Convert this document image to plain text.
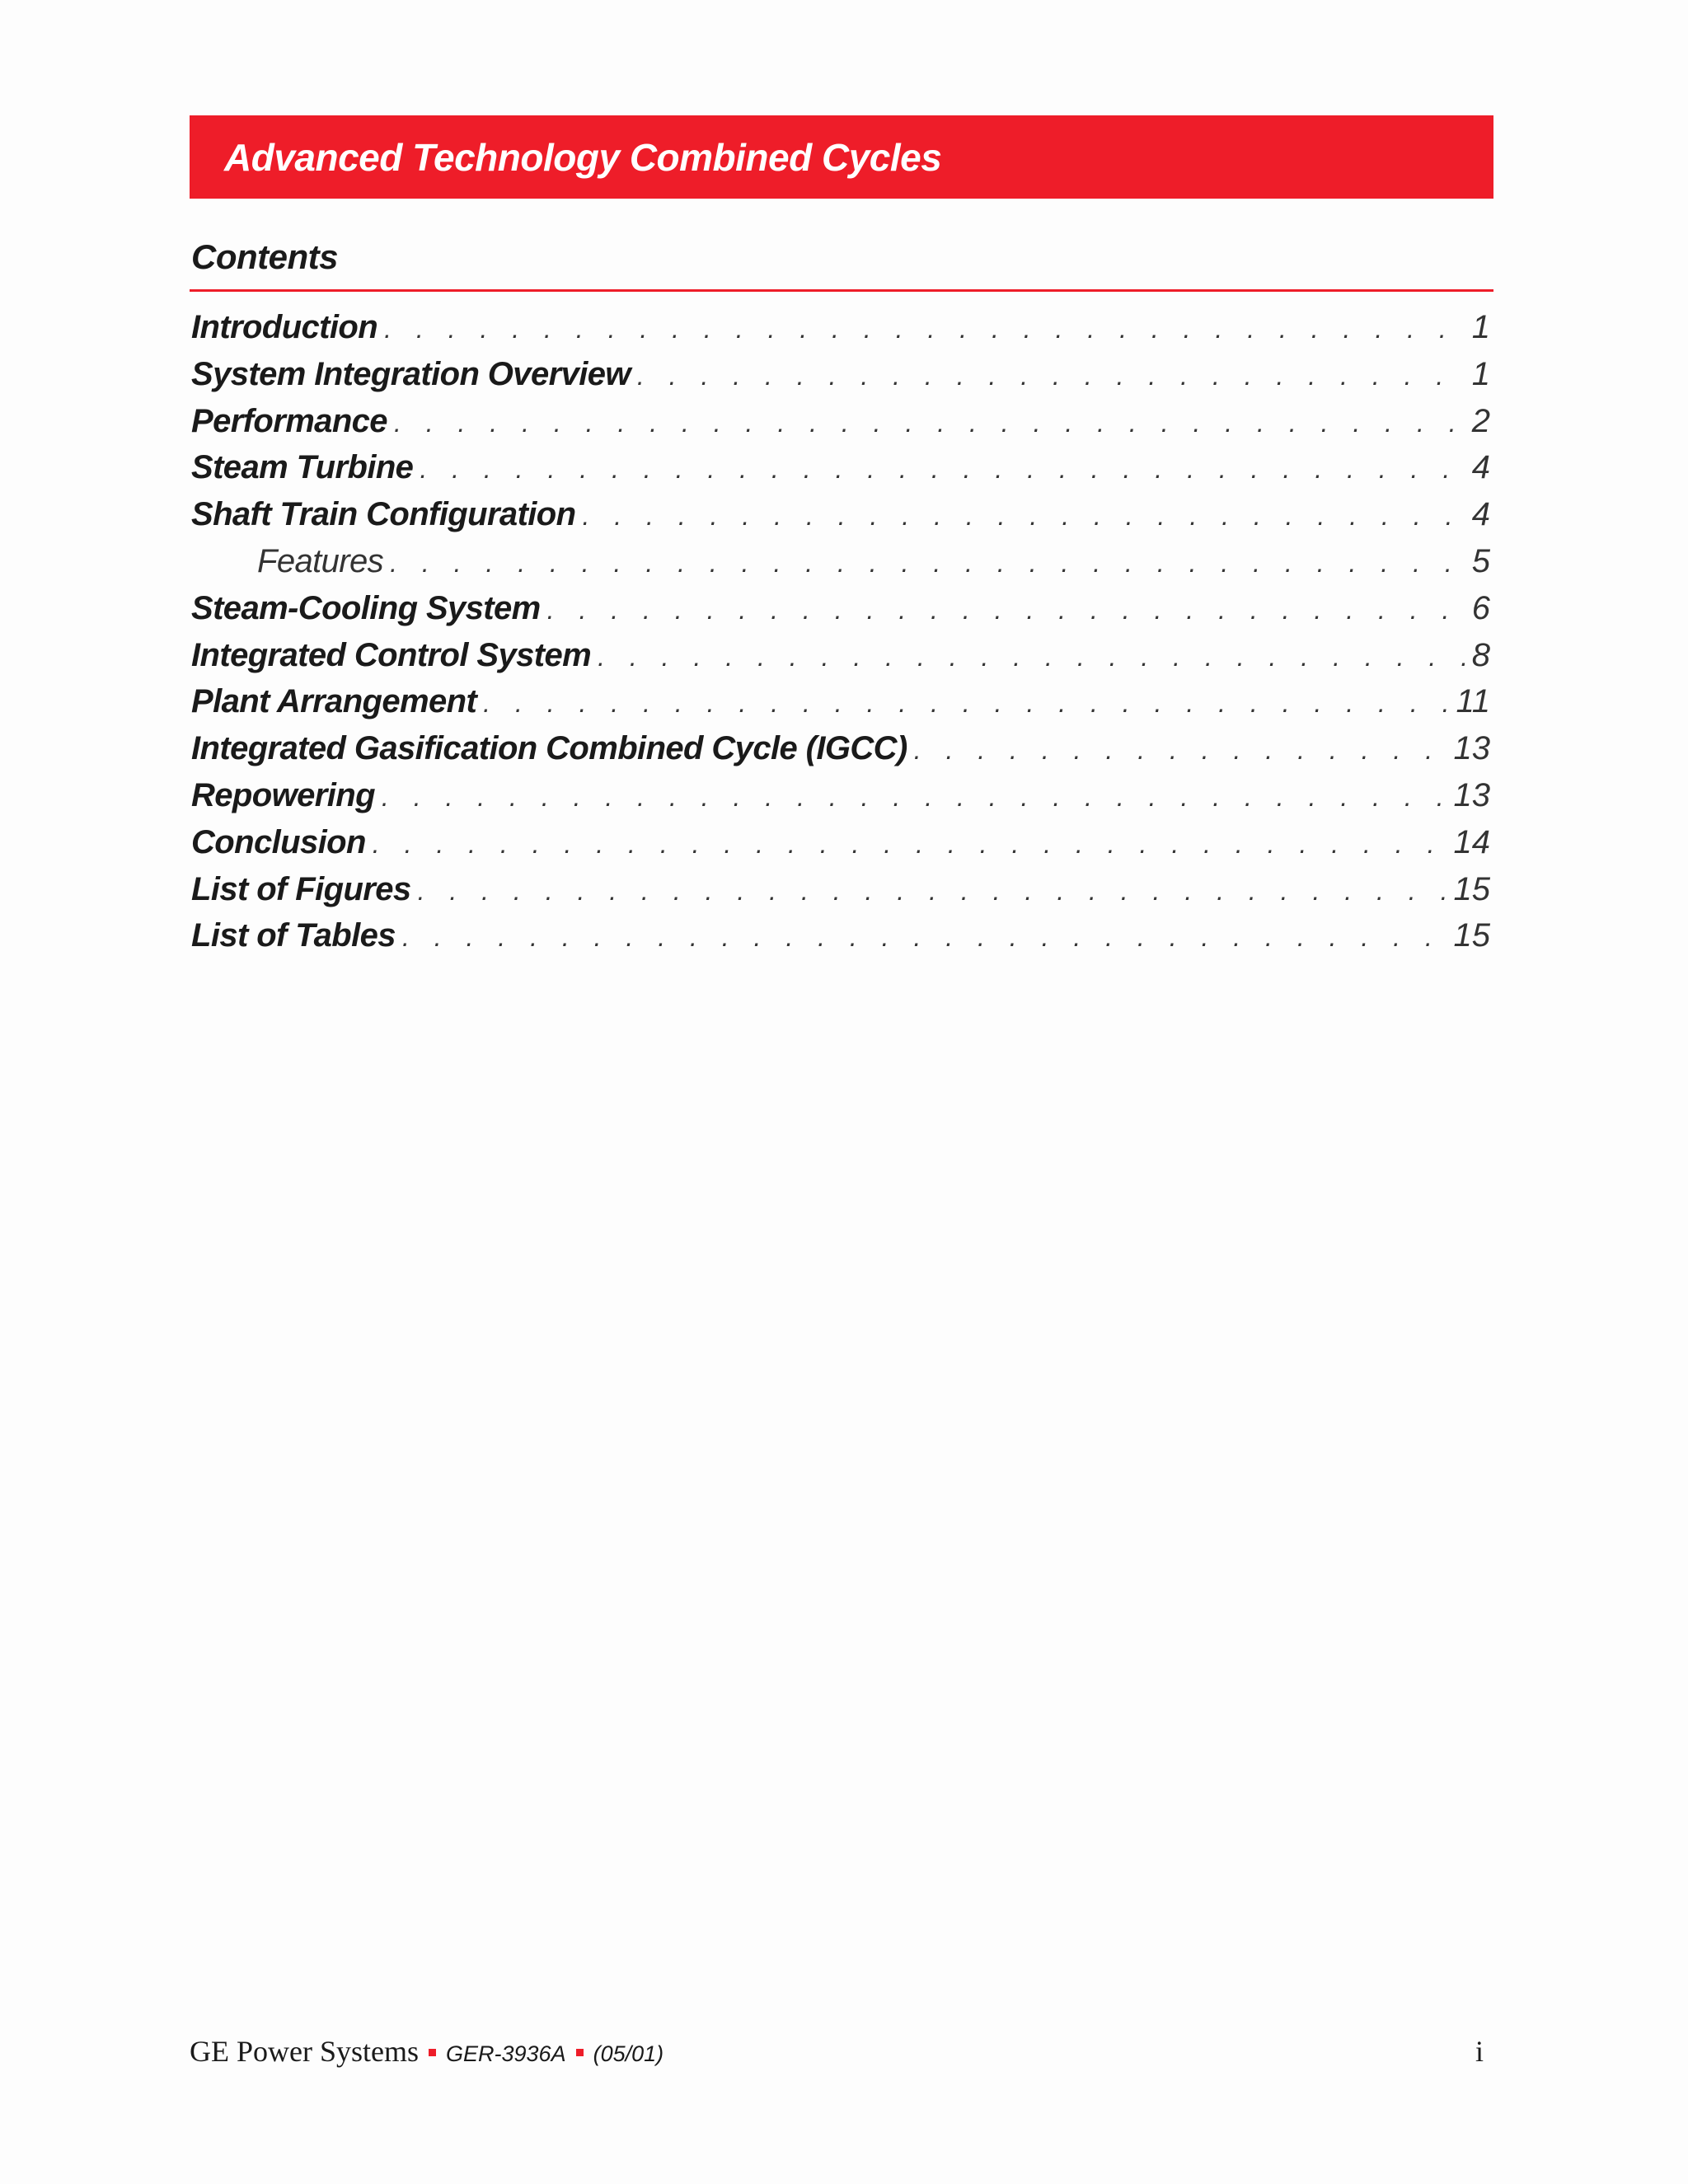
Advanced Technology Combined Cycles
Contents
Introduction . . .	1
System Integration Overview . . .	1
Performance . . .	2
Steam Turbine . . .	4
Shaft Train Configuration . . .	4
Features . . .	5
Steam-Cooling System . . .	6
Integrated Control System . . .	8
Plant Arrangement . . .	11
Integrated Gasification Combined Cycle (IGCC) . . .	13
Repowering . . .	13
Conclusion . . .	14
List of Figures . . .	15
List of Tables . . .	15
GE Power Systems GER-3936A (05/01)	i
